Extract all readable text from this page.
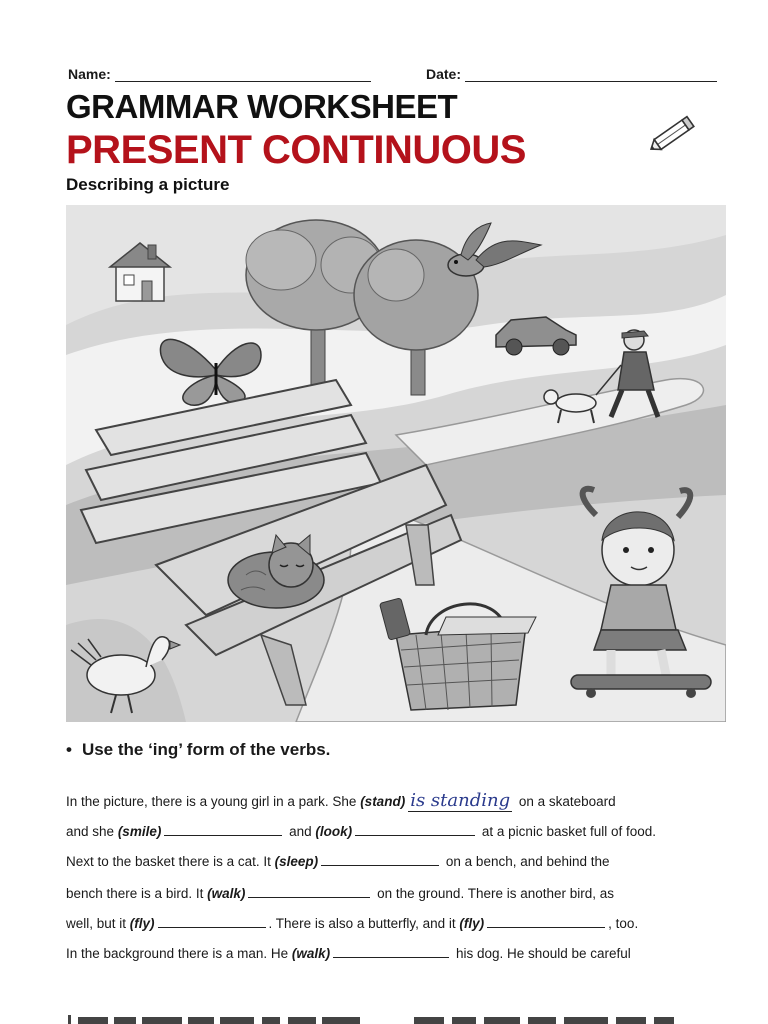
Name:	Date:
GRAMMAR WORKSHEET
PRESENT CONTINUOUS
Describing a picture
• Use the ‘ing’ form of the verbs.
In the picture, there is a young girl in a park. She (stand) is standing on a skateboard
and she (smile)	and (look)	at a picnic basket full of food.
Next to the basket there is a cat. It (sleep)	on a bench, and behind the
bench there is a bird. It (walk)	on the ground. There is another bird, as
well, but it (fly)	. There is also a butterfly, and it (fly)	, too.
In the background there is a man. He (walk)	his dog. He should be careful
